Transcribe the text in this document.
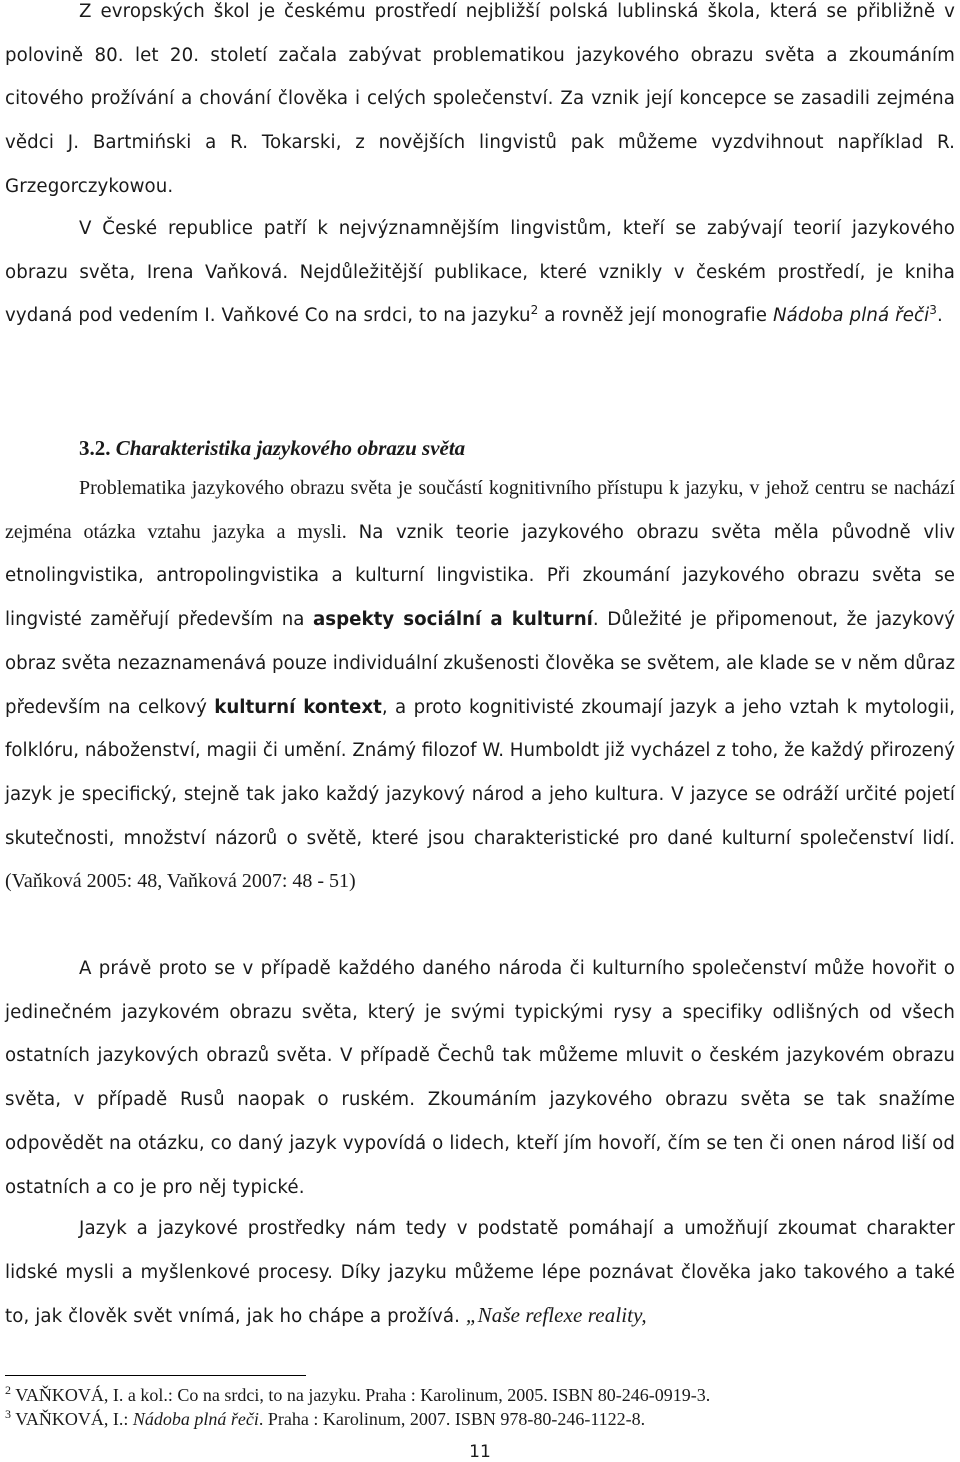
Z evropských škol je českému prostředí nejbližší polská lublinská škola, která se přibližně v polovině 80. let 20. století začala zabývat problematikou jazykového obrazu světa a zkoumáním citového prožívání a chování člověka i celých společenství. Za vznik její koncepce se zasadili zejména vědci J. Bartmiński a R. Tokarski, z novějších lingvistů pak můžeme vyzdvihnout například R. Grzegorczykowou.

V České republice patří k nejvýznamnějším lingvistům, kteří se zabývají teorií jazykového obrazu světa, Irena Vaňková. Nejdůležitější publikace, které vznikly v českém prostředí, je kniha vydaná pod vedením I. Vaňkové Co na srdci, to na jazyku$^2$ a rovněž její monografie Nádoba plná řeči$^3$.

3.2. Charakteristika jazykového obrazu světa

Problematika jazykového obrazu světa je součástí kognitivního přístupu k jazyku, v jehož centru se nachází zejména otázka vztahu jazyka a mysli. Na vznik teorie jazykového obrazu světa měla původně vliv etnolingvistika, antropolingvistika a kulturní lingvistika. Při zkoumání jazykového obrazu světa se lingvisté zaměřují především na aspekty sociální a kulturní. Důležité je připomenout, že jazykový obraz světa nezaznamenává pouze individuální zkušenosti člověka se světem, ale klade se v něm důraz především na celkový kulturní kontext, a proto kognitivisté zkoumají jazyk a jeho vztah k mytologii, folklóru, náboženství, magii či umění. Známý filozof W. Humboldt již vycházel z toho, že každý přirozený jazyk je specifický, stejně tak jako každý jazykový národ a jeho kultura. V jazyce se odráží určité pojetí skutečnosti, množství názorů o světě, které jsou charakteristické pro dané kulturní společenství lidí. (Vaňková 2005: 48, Vaňková 2007: 48 - 51)

A právě proto se v případě každého daného národa či kulturního společenství může hovořit o jedinečném jazykovém obrazu světa, který je svými typickými rysy a specifiky odlišných od všech ostatních jazykových obrazů světa. V případě Čechů tak můžeme mluvit o českém jazykovém obrazu světa, v případě Rusů naopak o ruském. Zkoumáním jazykového obrazu světa se tak snažíme odpovědět na otázku, co daný jazyk vypovídá o lidech, kteří jím hovoří, čím se ten či onen národ liší od ostatních a co je pro něj typické.

Jazyk a jazykové prostředky nám tedy v podstatě pomáhají a umožňují zkoumat charakter lidské mysli a myšlenkové procesy. Díky jazyku můžeme lépe poznávat člověka jako takového a také to, jak člověk svět vnímá, jak ho chápe a prožívá. „Naše reflexe reality,

$^2$ VAŇKOVÁ, I. a kol.: Co na srdci, to na jazyku. Praha : Karolinum, 2005. ISBN 80-246-0919-3.

$^3$ VAŇKOVÁ, I.: Nádoba plná řeči. Praha : Karolinum, 2007. ISBN 978-80-246-1122-8.

11
